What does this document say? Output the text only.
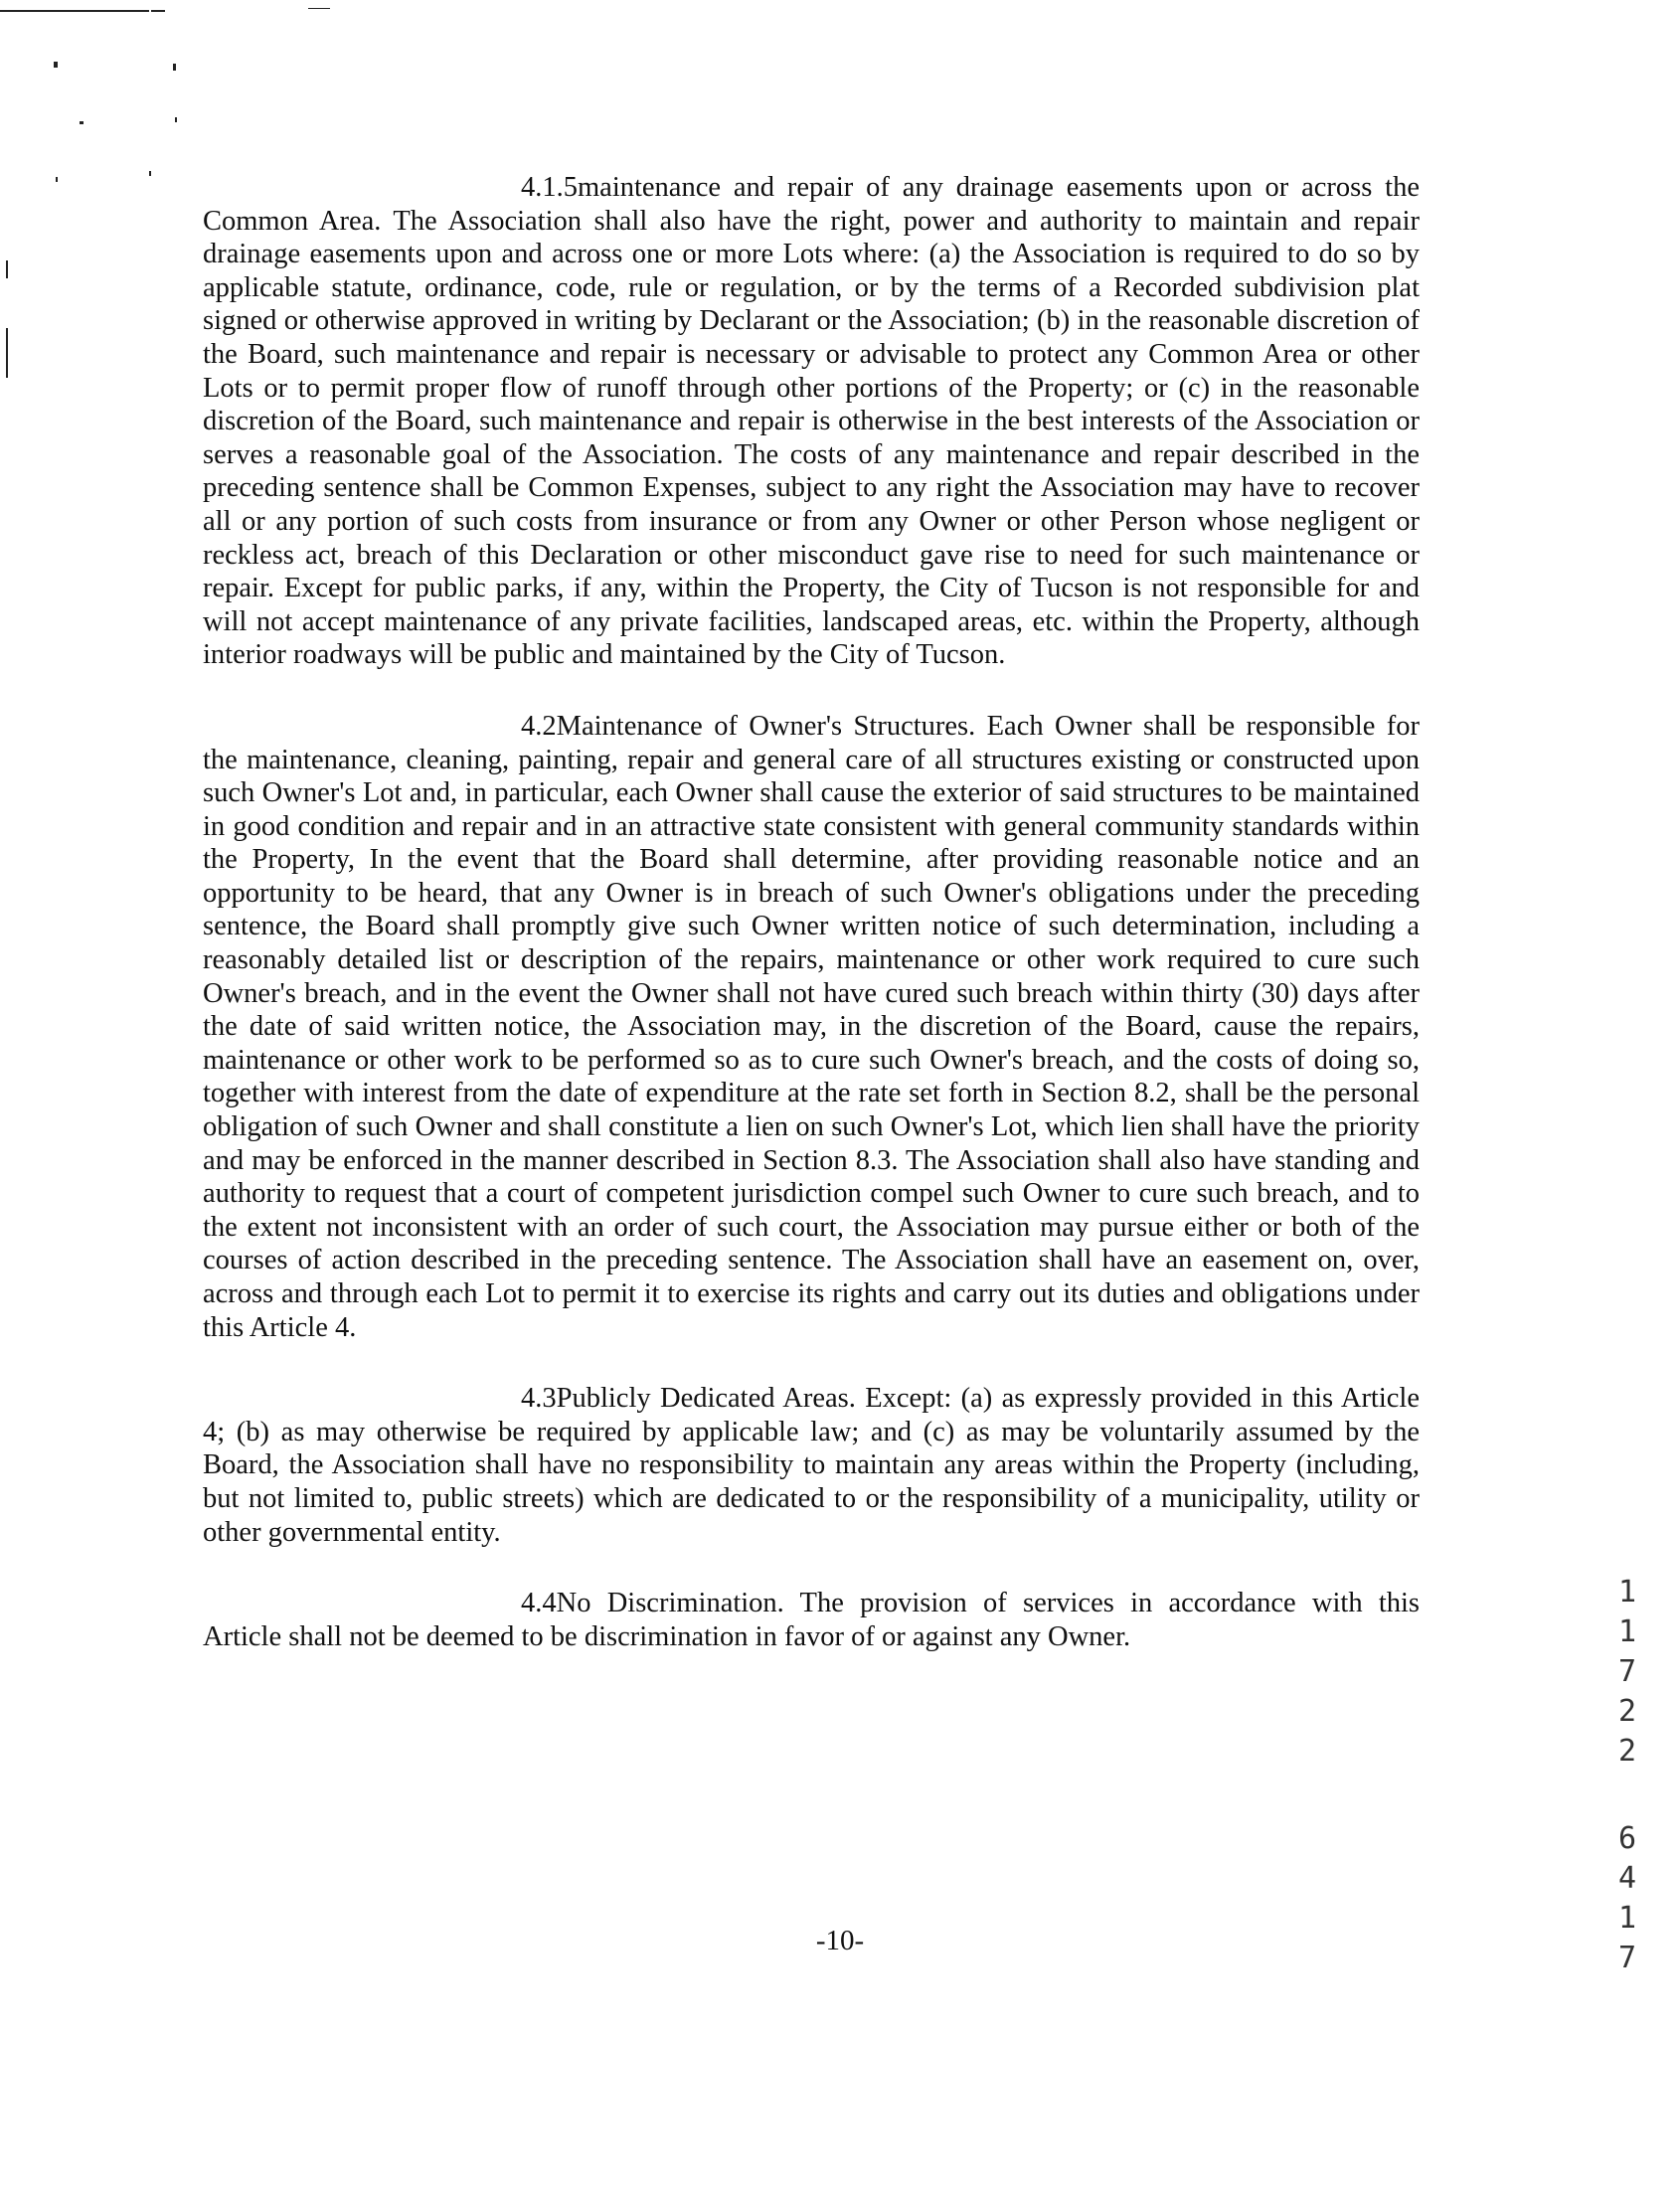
4.1.5maintenance and repair of any drainage easements upon or across the Common Area. The Association shall also have the right, power and authority to maintain and repair drainage easements upon and across one or more Lots where: (a) the Association is required to do so by applicable statute, ordinance, code, rule or regulation, or by the terms of a Recorded subdivision plat signed or otherwise approved in writing by Declarant or the Association; (b) in the reasonable discretion of the Board, such maintenance and repair is necessary or advisable to protect any Common Area or other Lots or to permit proper flow of runoff through other portions of the Property; or (c) in the reasonable discretion of the Board, such maintenance and repair is otherwise in the best interests of the Association or serves a reasonable goal of the Association. The costs of any maintenance and repair described in the preceding sentence shall be Common Expenses, subject to any right the Association may have to recover all or any portion of such costs from insurance or from any Owner or other Person whose negligent or reckless act, breach of this Declaration or other misconduct gave rise to need for such maintenance or repair. Except for public parks, if any, within the Property, the City of Tucson is not responsible for and will not accept maintenance of any private facilities, landscaped areas, etc. within the Property, although interior roadways will be public and maintained by the City of Tucson.

4.2Maintenance of Owner's Structures. Each Owner shall be responsible for the maintenance, cleaning, painting, repair and general care of all structures existing or constructed upon such Owner's Lot and, in particular, each Owner shall cause the exterior of said structures to be maintained in good condition and repair and in an attractive state consistent with general community standards within the Property, In the event that the Board shall determine, after providing reasonable notice and an opportunity to be heard, that any Owner is in breach of such Owner's obligations under the preceding sentence, the Board shall promptly give such Owner written notice of such determination, including a reasonably detailed list or description of the repairs, maintenance or other work required to cure such Owner's breach, and in the event the Owner shall not have cured such breach within thirty (30) days after the date of said written notice, the Association may, in the discretion of the Board, cause the repairs, maintenance or other work to be performed so as to cure such Owner's breach, and the costs of doing so, together with interest from the date of expenditure at the rate set forth in Section 8.2, shall be the personal obligation of such Owner and shall constitute a lien on such Owner's Lot, which lien shall have the priority and may be enforced in the manner described in Section 8.3. The Association shall also have standing and authority to request that a court of competent jurisdiction compel such Owner to cure such breach, and to the extent not inconsistent with an order of such court, the Association may pursue either or both of the courses of action described in the preceding sentence. The Association shall have an easement on, over, across and through each Lot to permit it to exercise its rights and carry out its duties and obligations under this Article 4.

4.3Publicly Dedicated Areas. Except: (a) as expressly provided in this Article 4; (b) as may otherwise be required by applicable law; and (c) as may be voluntarily assumed by the Board, the Association shall have no responsibility to maintain any areas within the Property (including, but not limited to, public streets) which are dedicated to or the responsibility of a municipality, utility or other governmental entity.

4.4No Discrimination. The provision of services in accordance with this Article shall not be deemed to be discrimination in favor of or against any Owner.

1
1
7
2
2
6
4
1
7
-10-
